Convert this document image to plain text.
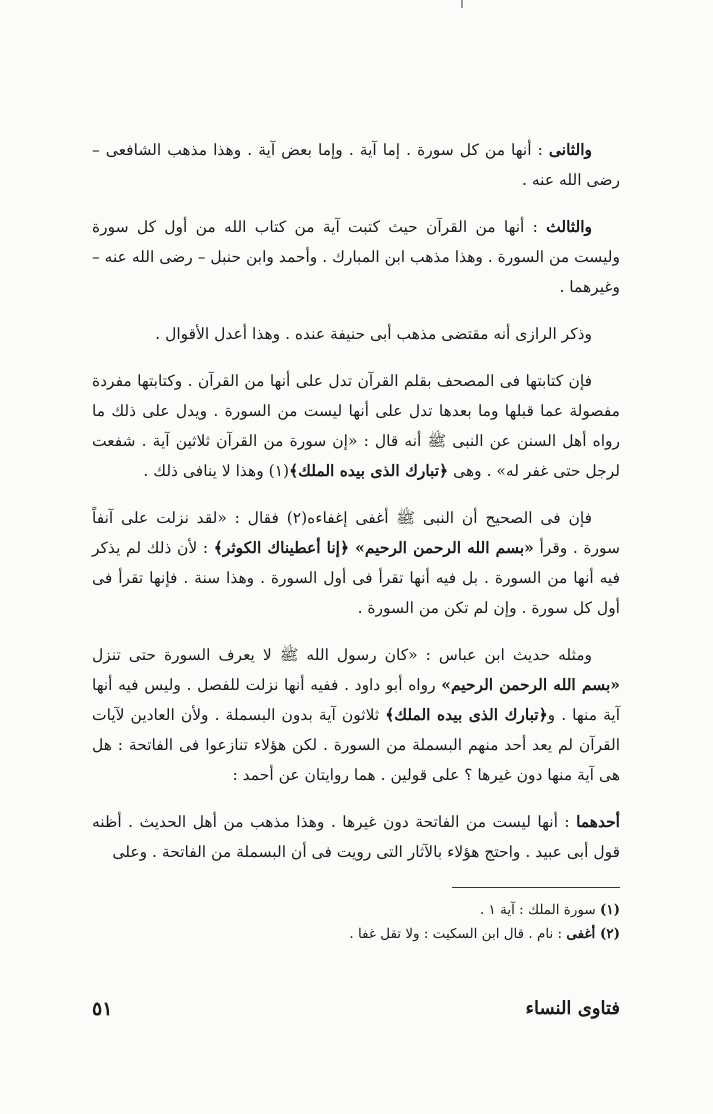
والثانى : أنها من كل سورة . إما آية . وإما بعض آية . وهذا مذهب الشافعى – رضى الله عنه .

والثالث : أنها من القرآن حيث كتبت آية من كتاب الله من أول كل سورة وليست من السورة . وهذا مذهب ابن المبارك . وأحمد وابن حنبل – رضى الله عنه – وغيرهما .

وذكر الرازى أنه مقتضى مذهب أبى حنيفة عنده . وهذا أعدل الأقوال .

فإن كتابتها فى المصحف بقلم القرآن تدل على أنها من القرآن . وكتابتها مفردة مفصولة عما قبلها وما بعدها تدل على أنها ليست من السورة . ويدل على ذلك ما رواه أهل السنن عن النبى ﷺ أنه قال : «إن سورة من القرآن ثلاثين آية . شفعت لرجل حتى غفر له» . وهى ﴿تبارك الذى بيده الملك﴾(١) وهذا لا ينافى ذلك .

فإن فى الصحيح أن النبى ﷺ أغفى إغفاءه(٢) فقال : «لقد نزلت على آنفاً سورة . وقرأ «بسم الله الرحمن الرحيم» ﴿إنا أعطيناك الكوثر﴾ : لأن ذلك لم يذكر فيه أنها من السورة . بل فيه أنها تقرأ فى أول السورة . وهذا سنة . فإنها تقرأ فى أول كل سورة . وإن لم تكن من السورة .

ومثله حديث ابن عباس : «كان رسول الله ﷺ لا يعرف السورة حتى تنزل «بسم الله الرحمن الرحيم» رواه أبو داود . ففيه أنها نزلت للفصل . وليس فيه أنها آية منها . و﴿تبارك الذى بيده الملك﴾ ثلاثون آية بدون البسملة . ولأن العادين لآيات القرآن لم يعد أحد منهم البسملة من السورة . لكن هؤلاء تنازعوا فى الفاتحة : هل هى آية منها دون غيرها ؟ على قولين . هما روايتان عن أحمد :

أحدهما : أنها ليست من الفاتحة دون غيرها . وهذا مذهب من أهل الحديث . أظنه قول أبى عبيد . واحتج هؤلاء بالآثار التى رويت فى أن البسملة من الفاتحة . وعلى

(١) سورة الملك : آية ١ .

(٢) أغفى : نام . قال ابن السكيت : ولا تقل غفا .

فتاوى النساء
٥١
